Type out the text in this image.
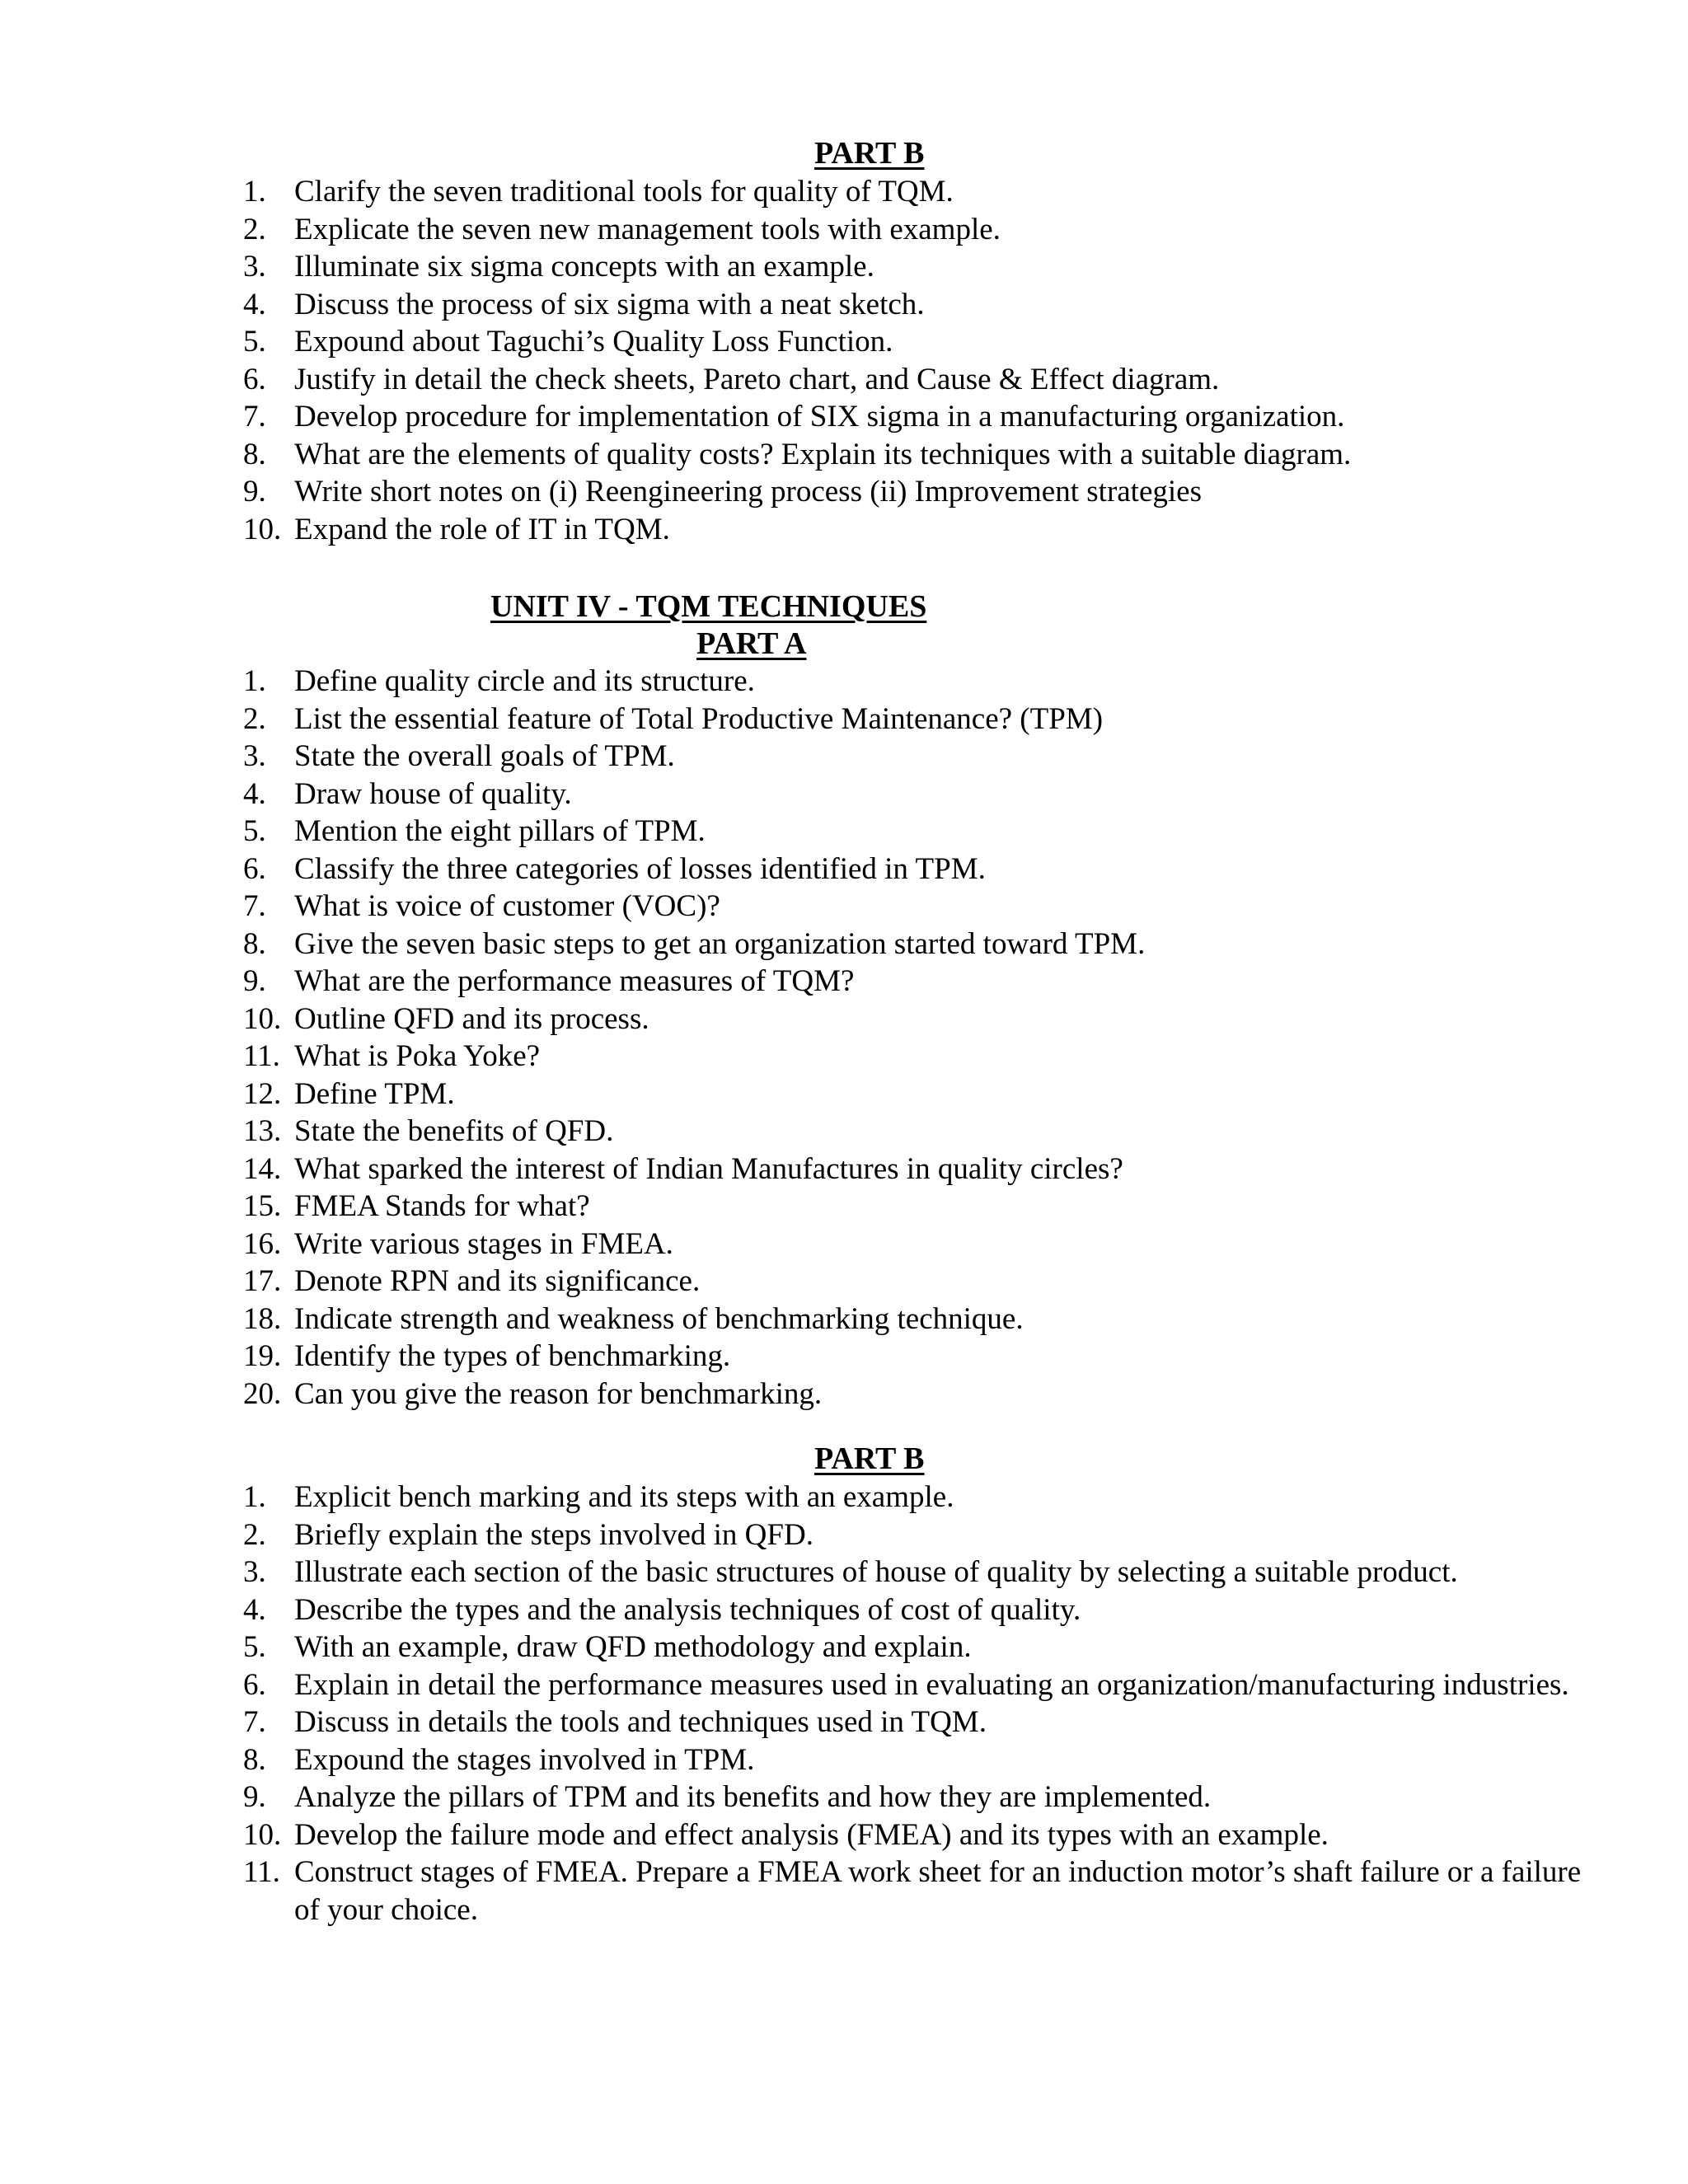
PART B
1. Clarify the seven traditional tools for quality of TQM.
2. Explicate the seven new management tools with example.
3. Illuminate six sigma concepts with an example.
4. Discuss the process of six sigma with a neat sketch.
5. Expound about Taguchi’s Quality Loss Function.
6. Justify in detail the check sheets, Pareto chart, and Cause & Effect diagram.
7. Develop procedure for implementation of SIX sigma in a manufacturing organization.
8. What are the elements of quality costs? Explain its techniques with a suitable diagram.
9. Write short notes on (i) Reengineering process (ii) Improvement strategies
10. Expand the role of IT in TQM.
UNIT IV - TQM TECHNIQUES
PART A
1. Define quality circle and its structure.
2. List the essential feature of Total Productive Maintenance? (TPM)
3. State the overall goals of TPM.
4. Draw house of quality.
5. Mention the eight pillars of TPM.
6. Classify the three categories of losses identified in TPM.
7. What is voice of customer (VOC)?
8. Give the seven basic steps to get an organization started toward TPM.
9. What are the performance measures of TQM?
10. Outline QFD and its process.
11. What is Poka Yoke?
12. Define TPM.
13. State the benefits of QFD.
14. What sparked the interest of Indian Manufactures in quality circles?
15. FMEA Stands for what?
16. Write various stages in FMEA.
17. Denote RPN and its significance.
18. Indicate strength and weakness of benchmarking technique.
19. Identify the types of benchmarking.
20. Can you give the reason for benchmarking.
PART B
1. Explicit bench marking and its steps with an example.
2. Briefly explain the steps involved in QFD.
3. Illustrate each section of the basic structures of house of quality by selecting a suitable product.
4. Describe the types and the analysis techniques of cost of quality.
5. With an example, draw QFD methodology and explain.
6. Explain in detail the performance measures used in evaluating an organization/manufacturing industries.
7. Discuss in details the tools and techniques used in TQM.
8. Expound the stages involved in TPM.
9. Analyze the pillars of TPM and its benefits and how they are implemented.
10. Develop the failure mode and effect analysis (FMEA) and its types with an example.
11. Construct stages of FMEA. Prepare a FMEA work sheet for an induction motor’s shaft failure or a failure of your choice.
